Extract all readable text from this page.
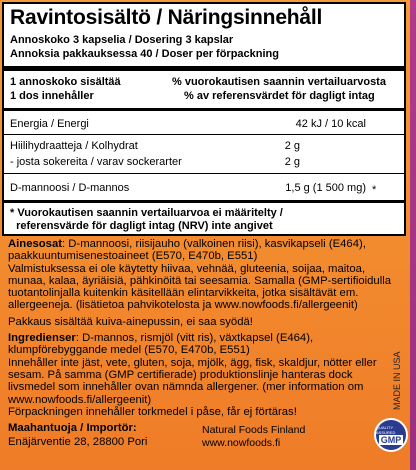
Ravintosisältö / Näringsinnehåll
Annoskoko 3 kapselia / Dosering 3 kapslar
Annoksia pakkauksessa 40 / Doser per förpackning
1 annoskoko sisältää
1 dos innehåller
% vuorokautisen saannin vertailuarvosta
% av referensvärdet för dagligt intag
Energia / Energi	42 kJ / 10 kcal
Hiilihydraatteja / Kolhydrat	2 g
- josta sokereita / varav sockerarter	2 g
D-mannoosi / D-mannos	1,5 g (1 500 mg) *
* Vuorokautisen saannin vertailuarvoa ei määritelty /
referensvärde för dagligt intag (NRV) inte angivet

Ainesosat: D-mannoosi, riisijauho (valkoinen riisi), kasvikapseli (E464), paakkuuntumisenestoaineet (E570, E470b, E551)

Valmistuksessa ei ole käytetty hiivaa, vehnää, gluteenia, soijaa, maitoa, munaa, kalaa, äyriäisiä, pähkinöitä tai seesamia. Samalla (GMP-sertifioidulla tuotantolinjalla kuitenkin käsitellään elintarvikkeita, jotka sisältävät em. allergeeneja. (lisätietoa pahvikotelosta ja www.nowfoods.fi/allergeenit)

Pakkaus sisältää kuiva-ainepussin, ei saa syödä!

Ingredienser: D-mannos, rismjöl (vitt ris), växtkapsel (E464), klumpförebyggande medel (E570, E470b, E551)

Innehåller inte jäst, vete, gluten, soja, mjölk, ägg, fisk, skaldjur, nötter eller sesam. På samma (GMP certifierade) produktionslinje hanteras dock livsmedel som innehåller ovan nämnda allergener. (mer information om www.nowfoods.fi/allergeenit)

Förpackningen innehåller torkmedel i påse, får ej förtäras!

Maahantuoja / Importör:
Enäjärventie 28, 28800 Pori
Natural Foods Finland
www.nowfoods.fi
MADE IN USA
QUALITY ASSURED
GMP
